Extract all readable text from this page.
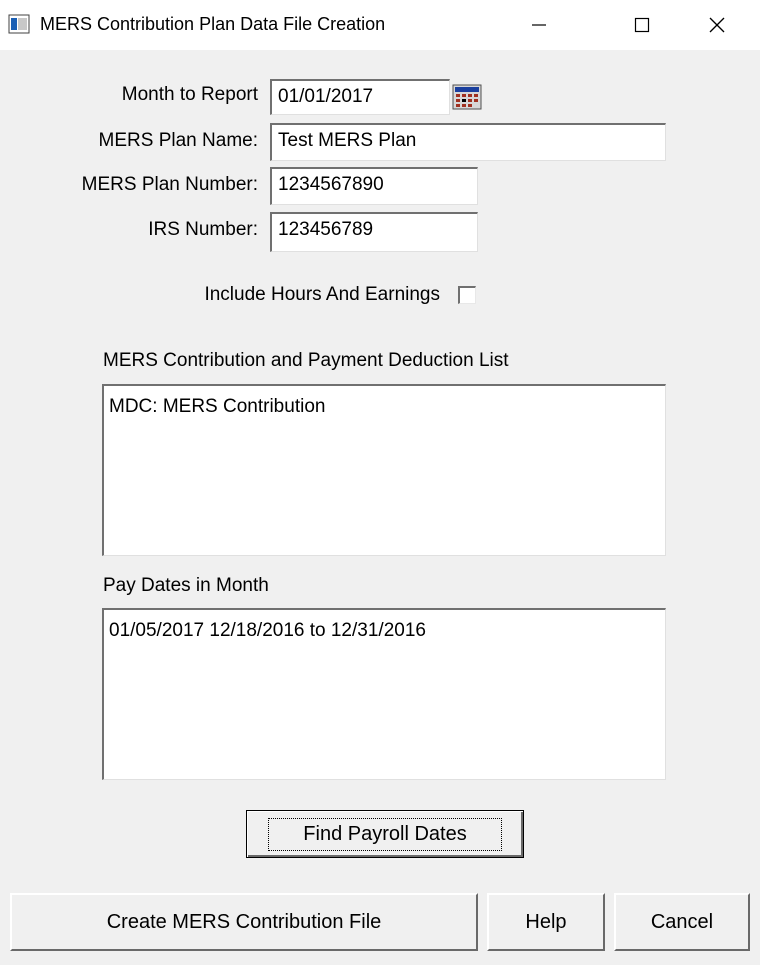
MERS Contribution Plan Data File Creation
Month to Report	01/01/2017
MERS Plan Name:	Test MERS Plan
MERS Plan Number:	1234567890
IRS Number:	123456789
Include Hours And Earnings
MERS Contribution and Payment Deduction List
MDC: MERS Contribution
Pay Dates in Month
01/05/2017 12/18/2016 to 12/31/2016
Find Payroll Dates
Create MERS Contribution File	Help	Cancel
